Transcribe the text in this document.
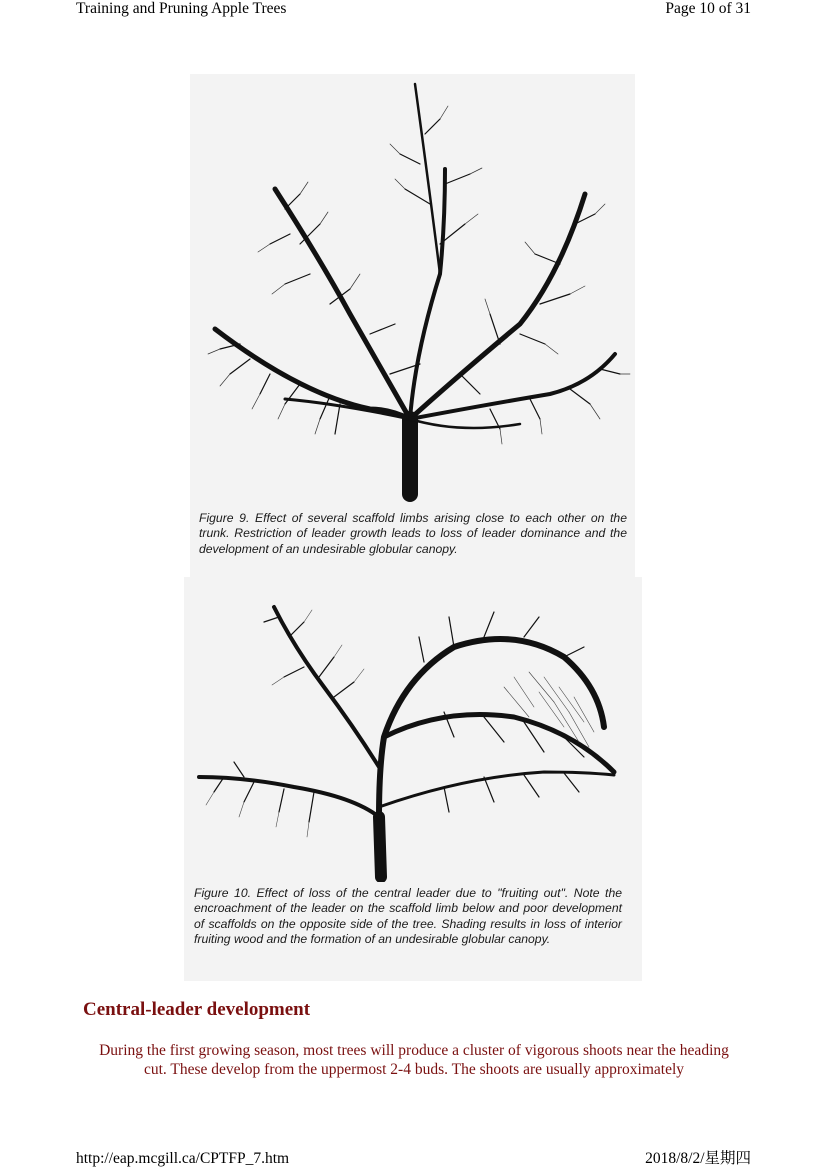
Training and Pruning Apple Trees	Page 10 of 31
Figure 9. Effect of several scaffold limbs arising close to each other on the trunk. Restriction of leader growth leads to loss of leader dominance and the development of an undesirable globular canopy.
Figure 10. Effect of loss of the central leader due to "fruiting out". Note the encroachment of the leader on the scaffold limb below and poor development of scaffolds on the opposite side of the tree. Shading results in loss of interior fruiting wood and the formation of an undesirable globular canopy.
Central-leader development
During the first growing season, most trees will produce a cluster of vigorous shoots near the heading cut. These develop from the uppermost 2-4 buds. The shoots are usually approximately
http://eap.mcgill.ca/CPTFP_7.htm	2018/8/2/星期四
